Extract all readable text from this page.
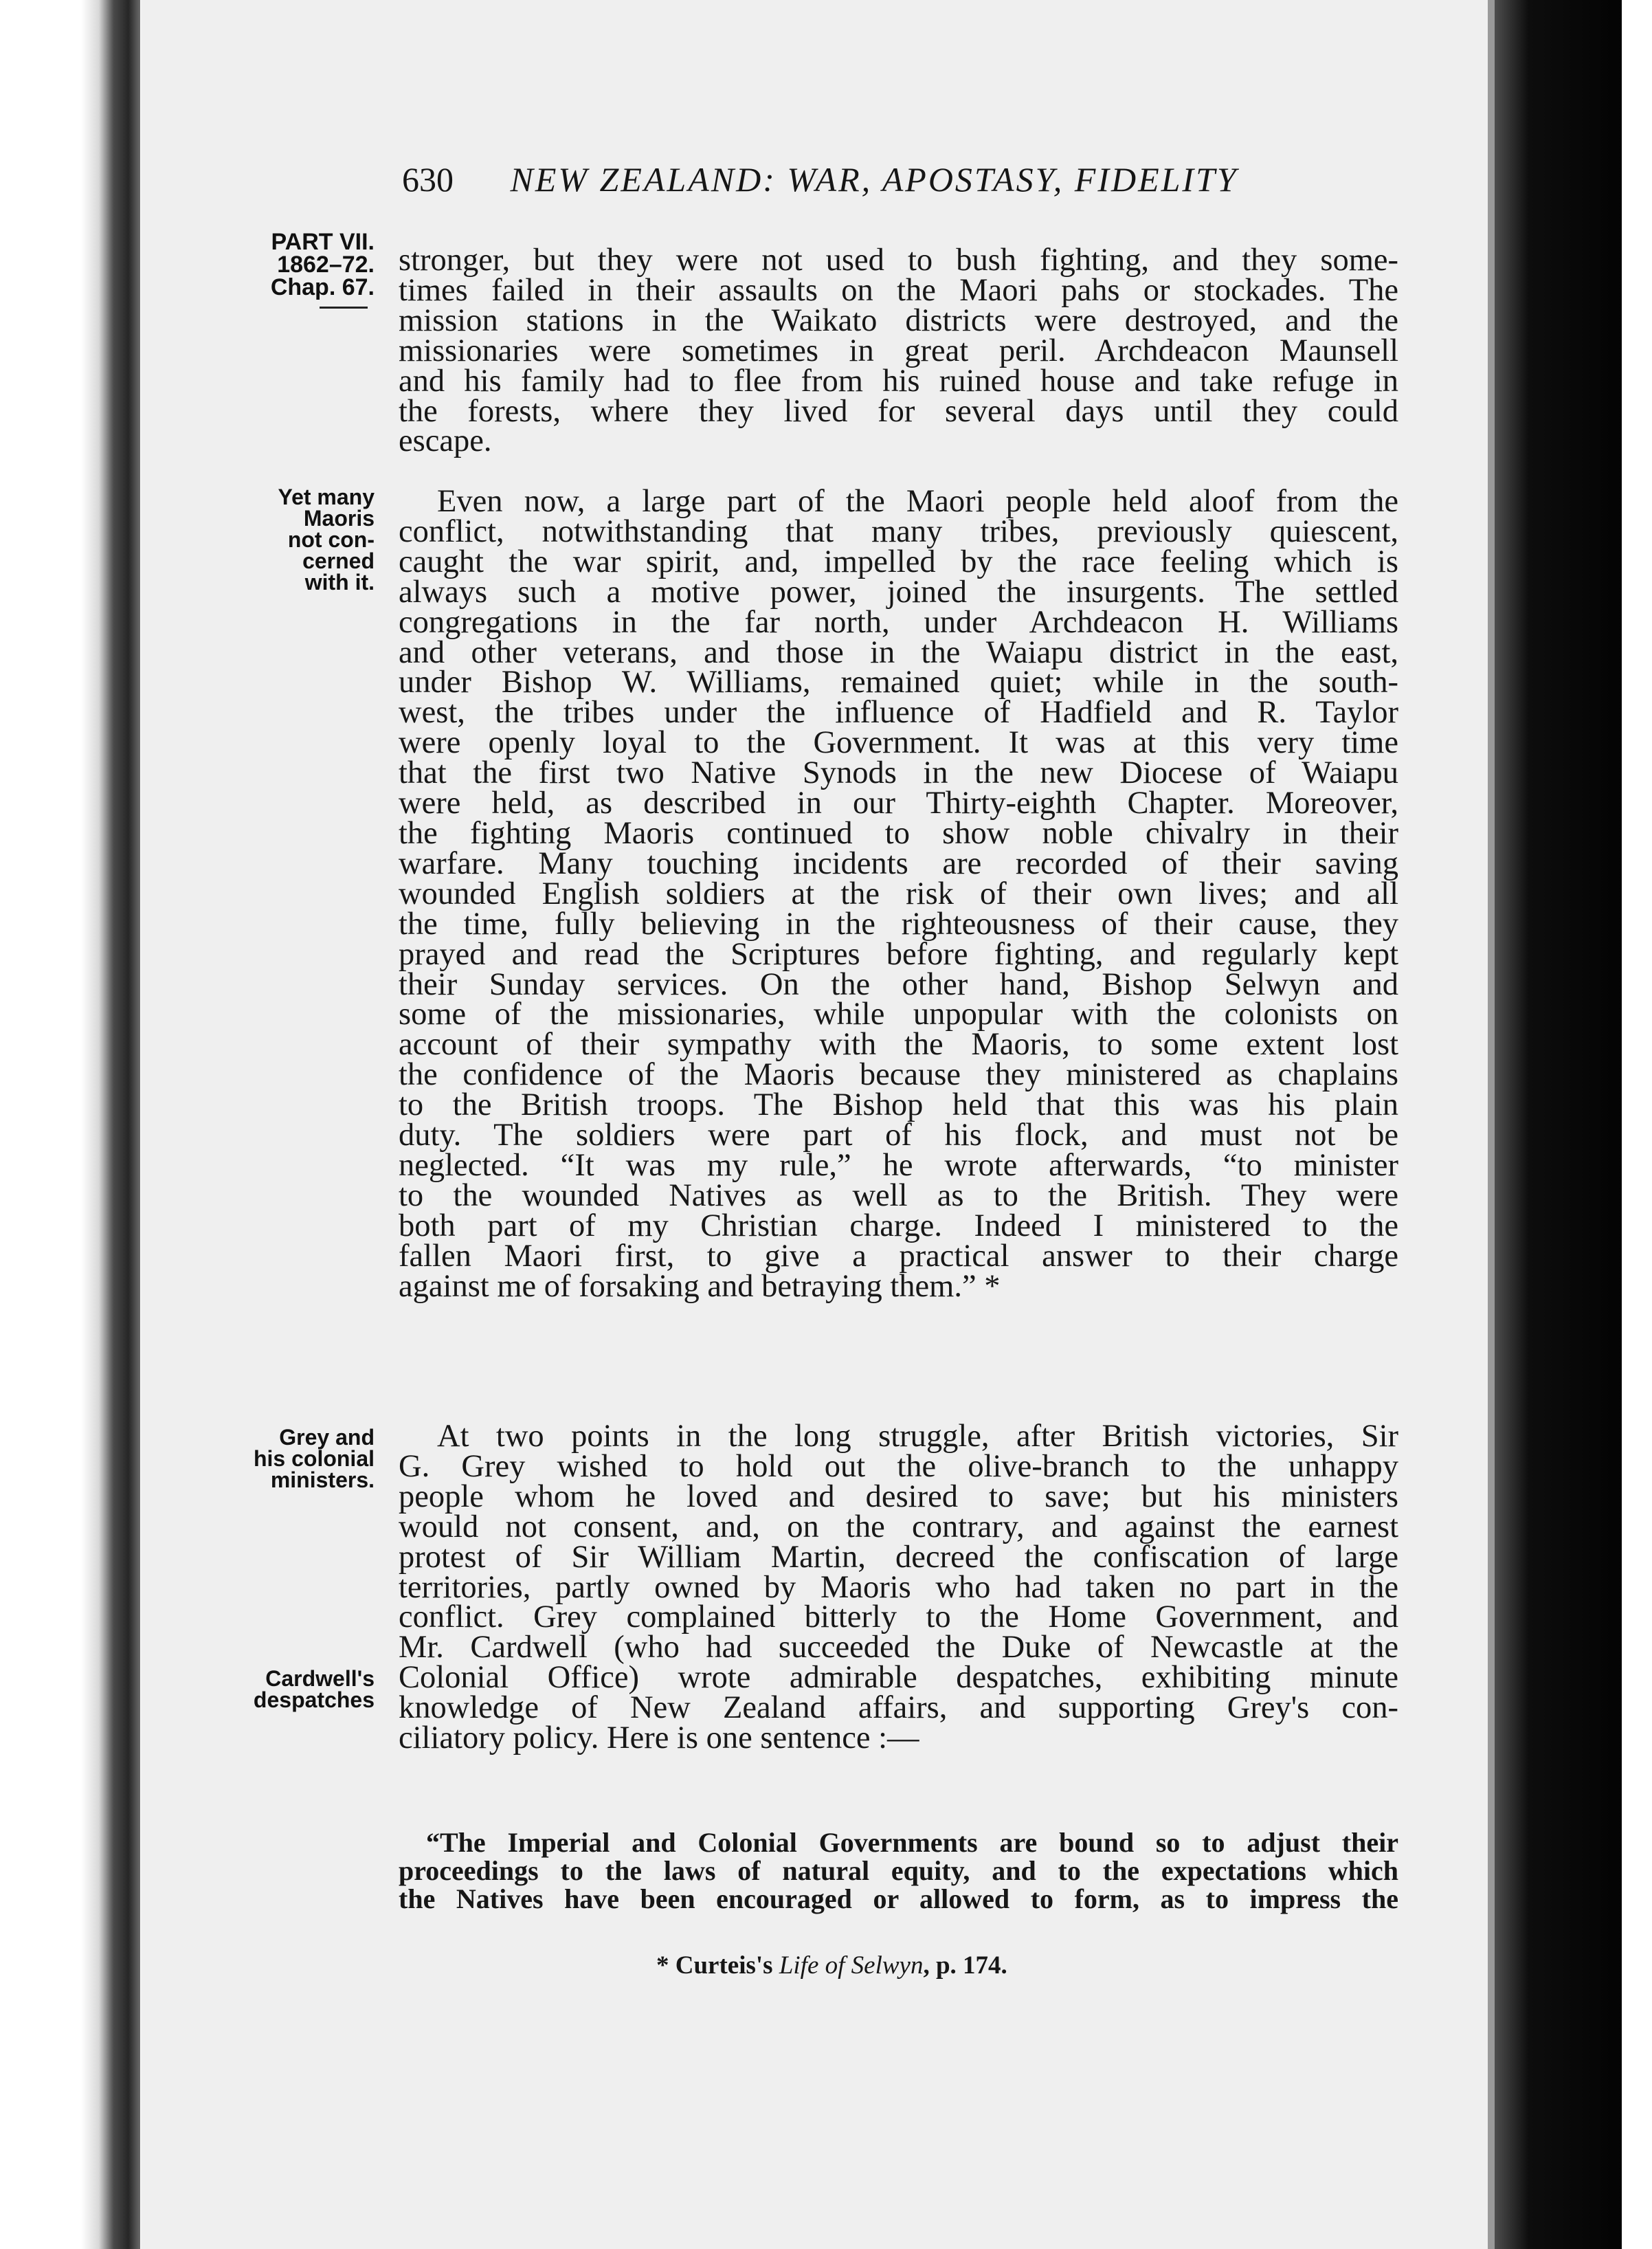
630 NEW ZEALAND: WAR, APOSTASY, FIDELITY
PART VII.
1862–72.
Chap. 67.
Yet many
Maoris
not con-
cerned
with it.
Grey and
his colonial
ministers.
Cardwell's
despatches
stronger, but they were not used to bush fighting, and they some-
times failed in their assaults on the Maori pahs or stockades. The
mission stations in the Waikato districts were destroyed, and the
missionaries were sometimes in great peril. Archdeacon Maunsell
and his family had to flee from his ruined house and take refuge in
the forests, where they lived for several days until they could
escape.
Even now, a large part of the Maori people held aloof from the
conflict, notwithstanding that many tribes, previously quiescent,
caught the war spirit, and, impelled by the race feeling which is
always such a motive power, joined the insurgents. The settled
congregations in the far north, under Archdeacon H. Williams
and other veterans, and those in the Waiapu district in the east,
under Bishop W. Williams, remained quiet; while in the south-
west, the tribes under the influence of Hadfield and R. Taylor
were openly loyal to the Government. It was at this very time
that the first two Native Synods in the new Diocese of Waiapu
were held, as described in our Thirty-eighth Chapter. Moreover,
the fighting Maoris continued to show noble chivalry in their
warfare. Many touching incidents are recorded of their saving
wounded English soldiers at the risk of their own lives; and all
the time, fully believing in the righteousness of their cause, they
prayed and read the Scriptures before fighting, and regularly kept
their Sunday services. On the other hand, Bishop Selwyn and
some of the missionaries, while unpopular with the colonists on
account of their sympathy with the Maoris, to some extent lost
the confidence of the Maoris because they ministered as chaplains
to the British troops. The Bishop held that this was his plain
duty. The soldiers were part of his flock, and must not be
neglected. “It was my rule,” he wrote afterwards, “to minister
to the wounded Natives as well as to the British. They were
both part of my Christian charge. Indeed I ministered to the
fallen Maori first, to give a practical answer to their charge
against me of forsaking and betraying them.” *
At two points in the long struggle, after British victories, Sir
G. Grey wished to hold out the olive-branch to the unhappy
people whom he loved and desired to save; but his ministers
would not consent, and, on the contrary, and against the earnest
protest of Sir William Martin, decreed the confiscation of large
territories, partly owned by Maoris who had taken no part in the
conflict. Grey complained bitterly to the Home Government, and
Mr. Cardwell (who had succeeded the Duke of Newcastle at the
Colonial Office) wrote admirable despatches, exhibiting minute
knowledge of New Zealand affairs, and supporting Grey's con-
ciliatory policy. Here is one sentence :—
“The Imperial and Colonial Governments are bound so to adjust their
proceedings to the laws of natural equity, and to the expectations which
the Natives have been encouraged or allowed to form, as to impress the
* Curteis's Life of Selwyn, p. 174.
